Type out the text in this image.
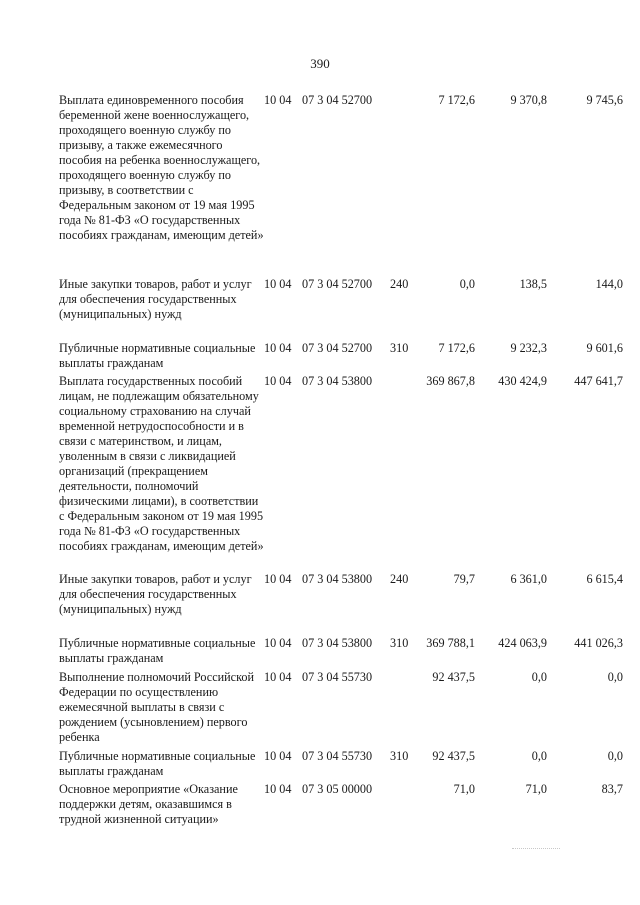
390
Выплата единовременного пособия беременной жене военнослужащего, проходящего военную службу по призыву, а также ежемесячного пособия на ребенка военнослужащего, проходящего военную службу по призыву, в соответствии с Федеральным законом от 19 мая 1995 года № 81-ФЗ «О государственных пособиях гражданам, имеющим детей»
10 04 07 3 04 52700	7 172,6	9 370,8	9 745,6
Иные закупки товаров, работ и услуг для обеспечения государственных (муниципальных) нужд
10 04 07 3 04 52700	240	0,0	138,5	144,0
Публичные нормативные социальные выплаты гражданам
10 04 07 3 04 52700	310	7 172,6	9 232,3	9 601,6
Выплата государственных пособий лицам, не подлежащим обязательному социальному страхованию на случай временной нетрудоспособности и в связи с материнством, и лицам, уволенным в связи с ликвидацией организаций (прекращением деятельности, полномочий физическими лицами), в соответствии с Федеральным законом от 19 мая 1995 года № 81-ФЗ «О государственных пособиях гражданам, имеющим детей»
10 04 07 3 04 53800	369 867,8	430 424,9	447 641,7
Иные закупки товаров, работ и услуг для обеспечения государственных (муниципальных) нужд
10 04 07 3 04 53800	240	79,7	6 361,0	6 615,4
Публичные нормативные социальные выплаты гражданам
10 04 07 3 04 53800	310	369 788,1	424 063,9	441 026,3
Выполнение полномочий Российской Федерации по осуществлению ежемесячной выплаты в связи с рождением (усыновлением) первого ребенка
10 04 07 3 04 55730	92 437,5	0,0	0,0
Публичные нормативные социальные выплаты гражданам
10 04 07 3 04 55730	310	92 437,5	0,0	0,0
Основное мероприятие «Оказание поддержки детям, оказавшимся в трудной жизненной ситуации»
10 04 07 3 05 00000	71,0	71,0	83,7
